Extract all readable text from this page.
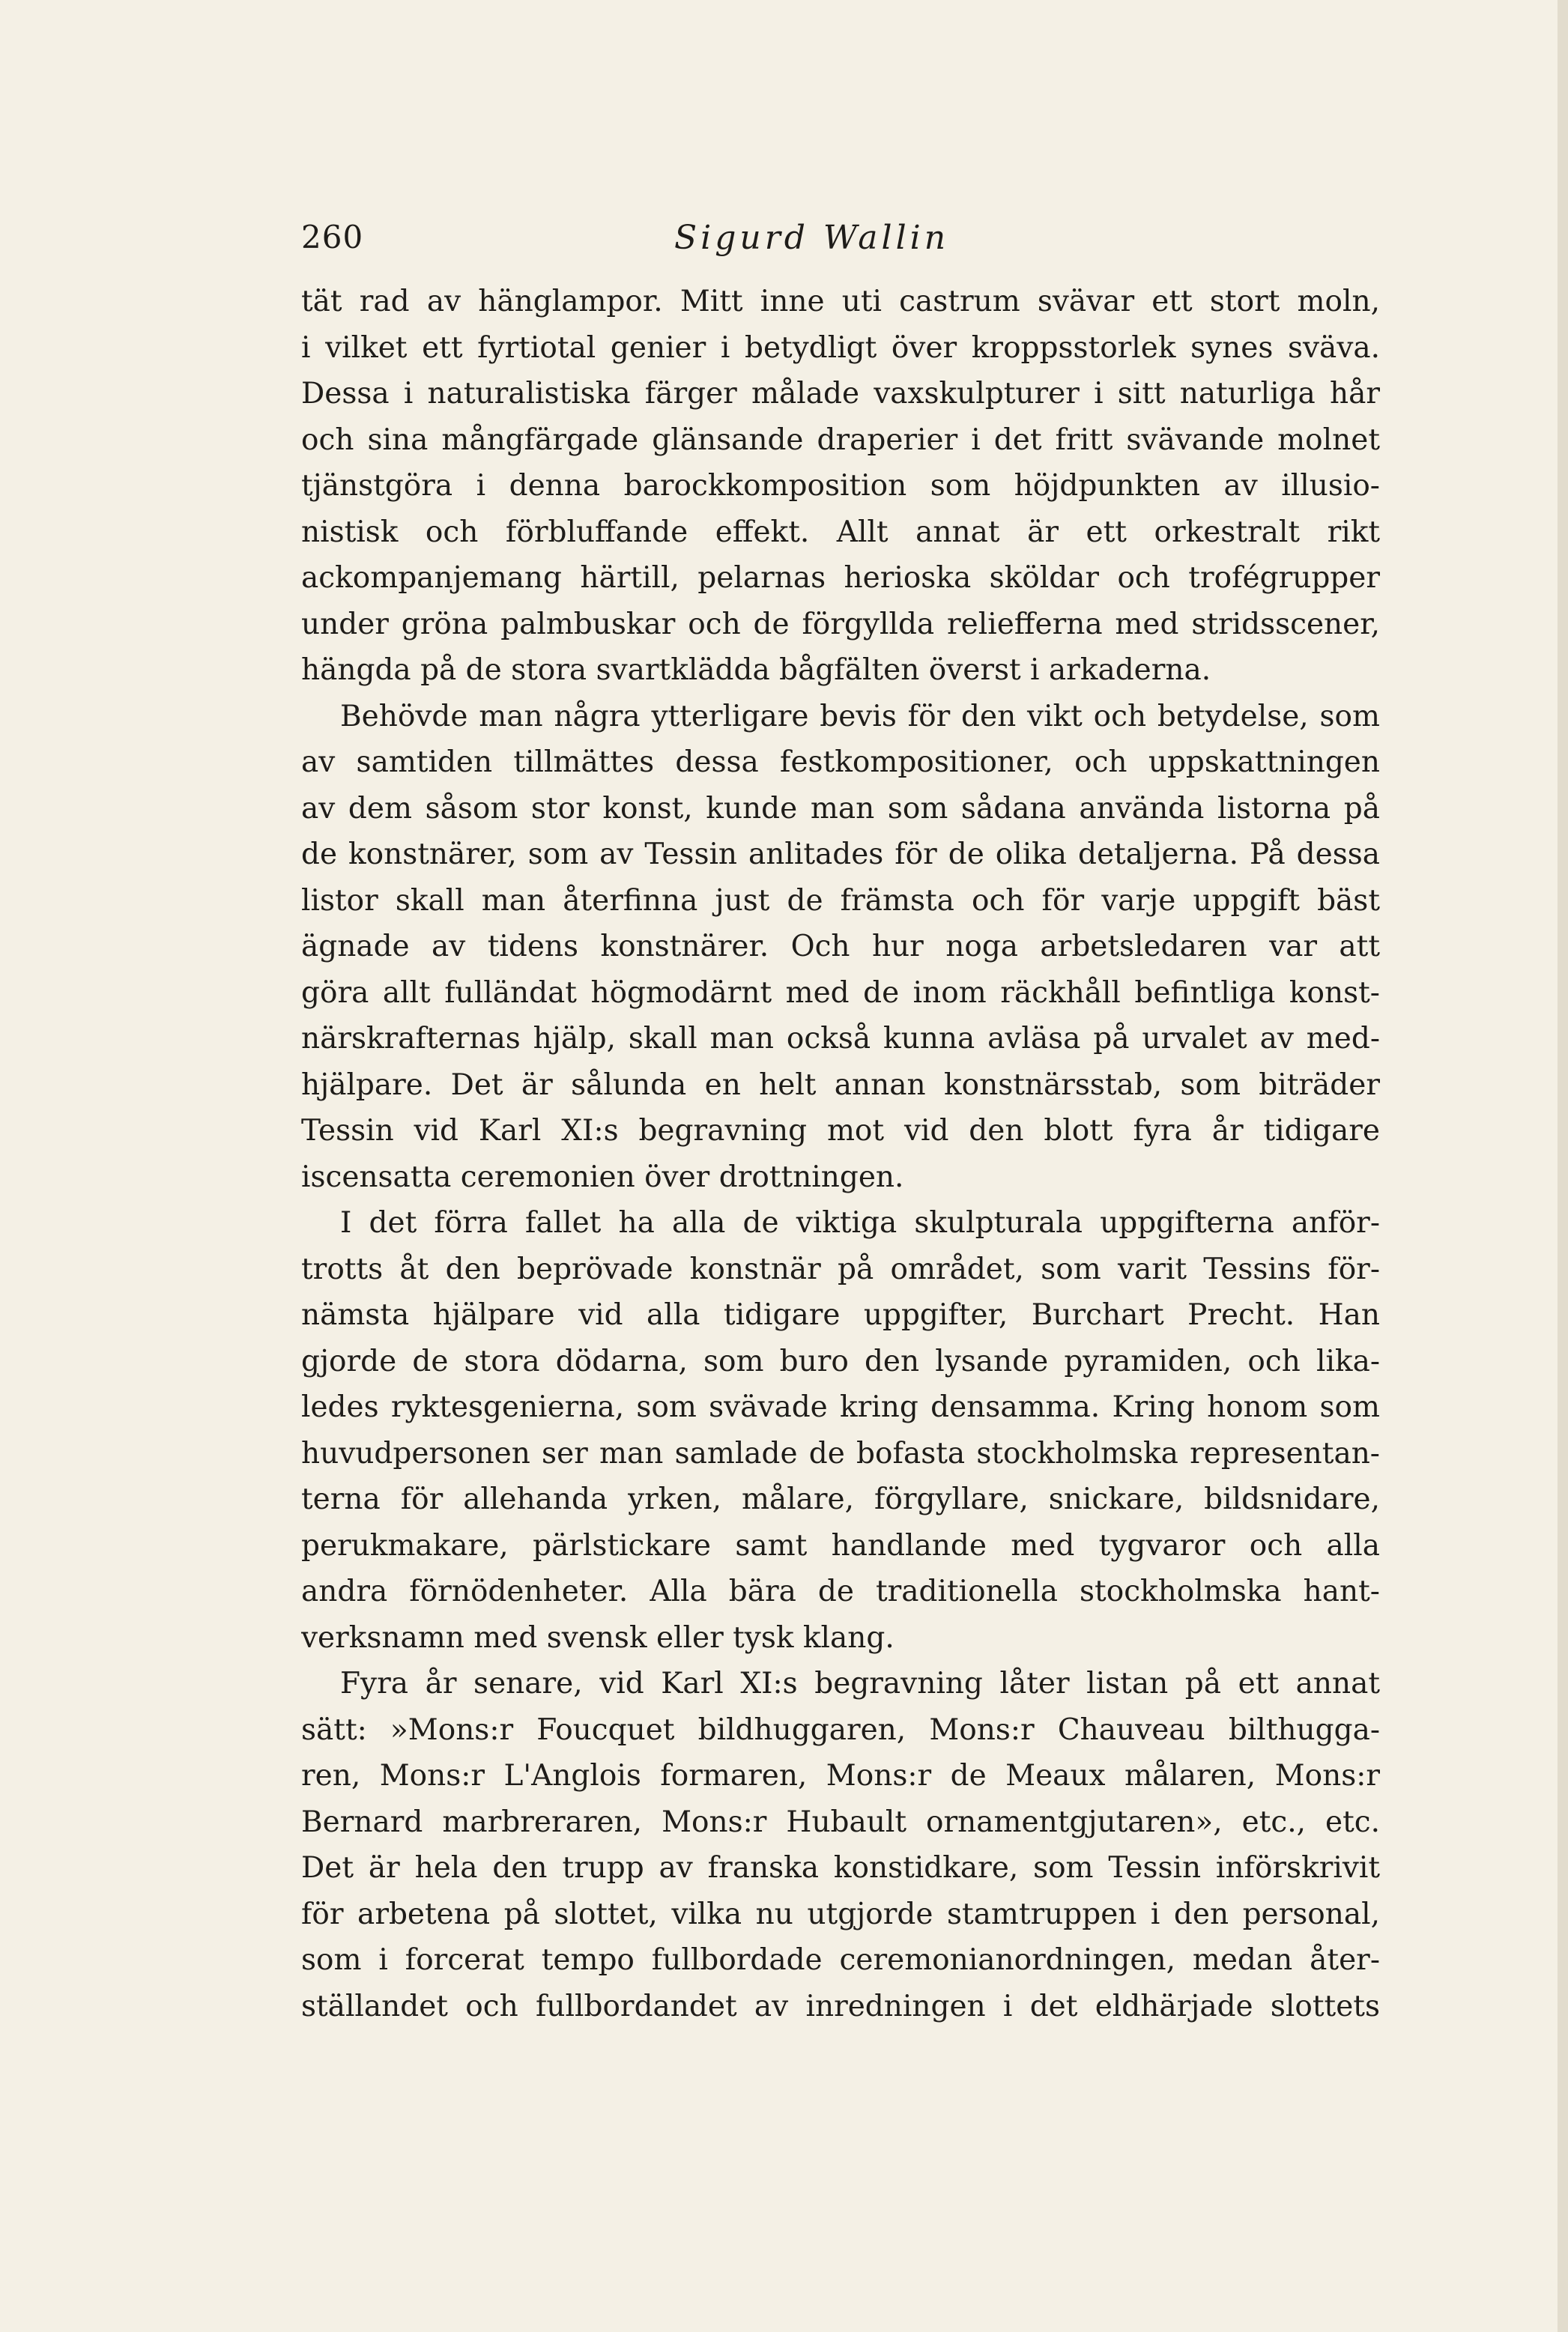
260	Sigurd Wallin
tät rad av hänglampor. Mitt inne uti castrum svävar ett stort moln,
i vilket ett fyrtiotal genier i betydligt över kroppsstorlek synes sväva.
Dessa i naturalistiska färger målade vaxskulpturer i sitt naturliga hår
och sina mångfärgade glänsande draperier i det fritt svävande molnet
tjänstgöra i denna barockkomposition som höjdpunkten av illusio-
nistisk och förbluffande effekt. Allt annat är ett orkestralt rikt
ackompanjemang härtill, pelarnas herioska sköldar och trofégrupper
under gröna palmbuskar och de förgyllda reliefferna med stridsscener,
hängda på de stora svartklädda bågfälten överst i arkaderna.
Behövde man några ytterligare bevis för den vikt och betydelse, som
av samtiden tillmättes dessa festkompositioner, och uppskattningen
av dem såsom stor konst, kunde man som sådana använda listorna på
de konstnärer, som av Tessin anlitades för de olika detaljerna. På dessa
listor skall man återfinna just de främsta och för varje uppgift bäst
ägnade av tidens konstnärer. Och hur noga arbetsledaren var att
göra allt fulländat högmodärnt med de inom räckhåll befintliga konst-
närskrafternas hjälp, skall man också kunna avläsa på urvalet av med-
hjälpare. Det är sålunda en helt annan konstnärsstab, som biträder
Tessin vid Karl XI:s begravning mot vid den blott fyra år tidigare
iscensatta ceremonien över drottningen.
I det förra fallet ha alla de viktiga skulpturala uppgifterna anför-
trotts åt den beprövade konstnär på området, som varit Tessins för-
nämsta hjälpare vid alla tidigare uppgifter, Burchart Precht. Han
gjorde de stora dödarna, som buro den lysande pyramiden, och lika-
ledes ryktesgenierna, som svävade kring densamma. Kring honom som
huvudpersonen ser man samlade de bofasta stockholmska representan-
terna för allehanda yrken, målare, förgyllare, snickare, bildsnidare,
perukmakare, pärlstickare samt handlande med tygvaror och alla
andra förnödenheter. Alla bära de traditionella stockholmska hant-
verksnamn med svensk eller tysk klang.
Fyra år senare, vid Karl XI:s begravning låter listan på ett annat
sätt: »Mons:r Foucquet bildhuggaren, Mons:r Chauveau bilthugga-
ren, Mons:r L'Anglois formaren, Mons:r de Meaux målaren, Mons:r
Bernard marbreraren, Mons:r Hubault ornamentgjutaren», etc., etc.
Det är hela den trupp av franska konstidkare, som Tessin införskrivit
för arbetena på slottet, vilka nu utgjorde stamtruppen i den personal,
som i forcerat tempo fullbordade ceremonianordningen, medan åter-
ställandet och fullbordandet av inredningen i det eldhärjade slottets
